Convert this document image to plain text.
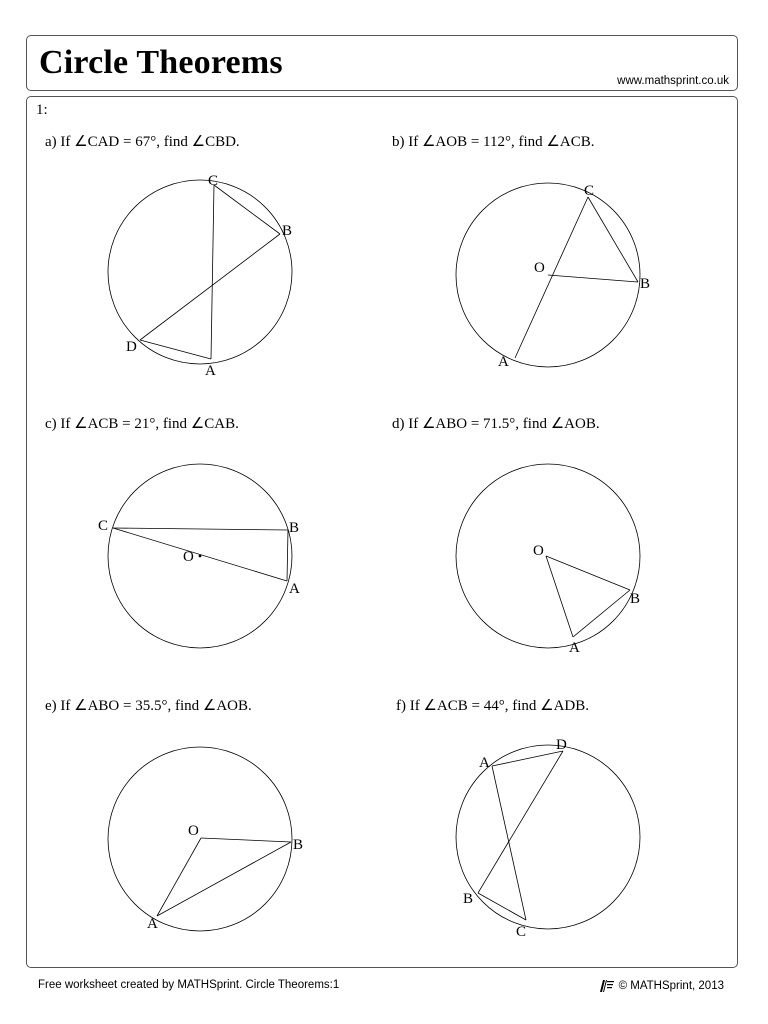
Circle Theorems	www.mathsprint.co.uk
1:
a) If ∠CAD = 67°, find ∠CBD.
C
B
D
A
b) If ∠AOB = 112°, find ∠ACB.
C
O
B
A
c) If ∠ACB = 21°, find ∠CAB.
C	B
O
A
d) If ∠ABO = 71.5°, find ∠AOB.
O
B
A
e) If ∠ABO = 35.5°, find ∠AOB.
O
B
A
f) If ∠ACB = 44°, find ∠ADB.
A
D
B
C
Free worksheet created by MATHSprint. Circle Theorems:1	© MATHSprint, 2013
